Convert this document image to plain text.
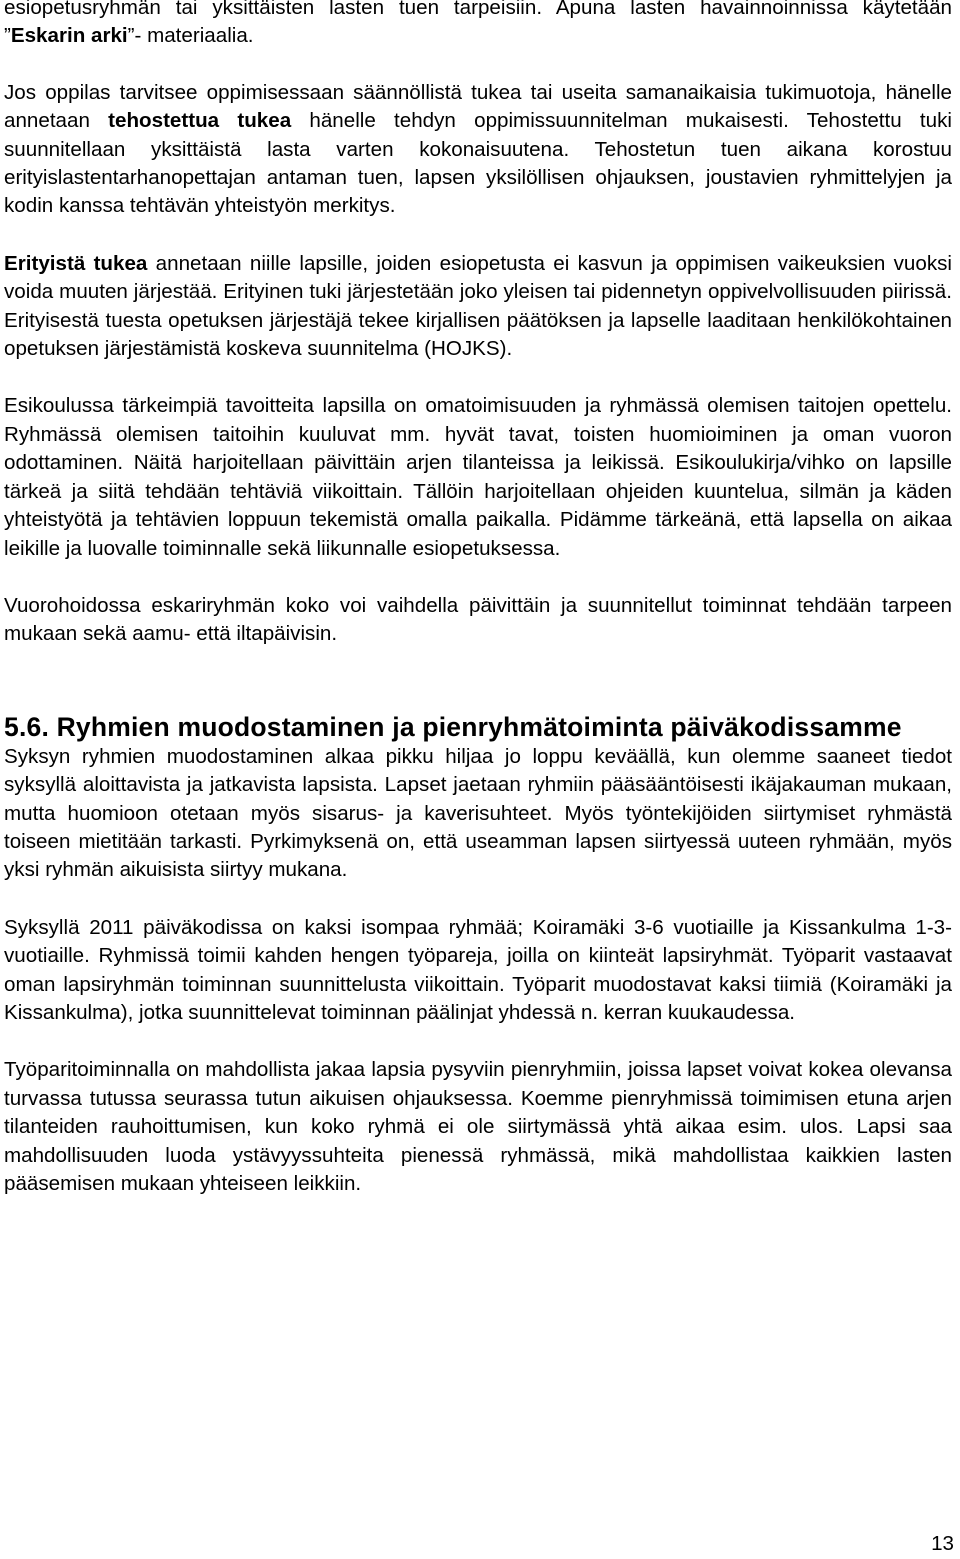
esiopetusryhmän tai yksittäisten lasten tuen tarpeisiin. Apuna lasten havainnoinnissa käytetään ”Eskarin arki”- materiaalia.

Jos oppilas tarvitsee oppimisessaan säännöllistä tukea tai useita samanaikaisia tukimuotoja, hänelle annetaan tehostettua tukea hänelle tehdyn oppimissuunnitelman mukaisesti. Tehostettu tuki suunnitellaan yksittäistä lasta varten kokonaisuutena. Tehostetun tuen aikana korostuu erityislastentarhanopettajan antaman tuen, lapsen yksilöllisen ohjauksen, joustavien ryhmittelyjen ja kodin kanssa tehtävän yhteistyön merkitys.

Erityistä tukea annetaan niille lapsille, joiden esiopetusta ei kasvun ja oppimisen vaikeuksien vuoksi voida muuten järjestää. Erityinen tuki järjestetään joko yleisen tai pidennetyn oppivelvollisuuden piirissä. Erityisestä tuesta opetuksen järjestäjä tekee kirjallisen päätöksen ja lapselle laaditaan henkilökohtainen opetuksen järjestämistä koskeva suunnitelma (HOJKS).

Esikoulussa tärkeimpiä tavoitteita lapsilla on omatoimisuuden ja ryhmässä olemisen taitojen opettelu. Ryhmässä olemisen taitoihin kuuluvat mm. hyvät tavat, toisten huomioiminen ja oman vuoron odottaminen. Näitä harjoitellaan päivittäin arjen tilanteissa ja leikissä. Esikoulukirja/vihko on lapsille tärkeä ja siitä tehdään tehtäviä viikoittain. Tällöin harjoitellaan ohjeiden kuuntelua, silmän ja käden yhteistyötä ja tehtävien loppuun tekemistä omalla paikalla. Pidämme tärkeänä, että lapsella on aikaa leikille ja luovalle toiminnalle sekä liikunnalle esiopetuksessa.

Vuorohoidossa eskariryhmän koko voi vaihdella päivittäin ja suunnitellut toiminnat tehdään tarpeen mukaan sekä aamu- että iltapäivisin.

5.6. Ryhmien muodostaminen ja pienryhmätoiminta päiväkodissamme

Syksyn ryhmien muodostaminen alkaa pikku hiljaa jo loppu keväällä, kun olemme saaneet tiedot syksyllä aloittavista ja jatkavista lapsista. Lapset jaetaan ryhmiin pääsääntöisesti ikäjakauman mukaan, mutta huomioon otetaan myös sisarus- ja kaverisuhteet. Myös työntekijöiden siirtymiset ryhmästä toiseen mietitään tarkasti. Pyrkimyksenä on, että useamman lapsen siirtyessä uuteen ryhmään, myös yksi ryhmän aikuisista siirtyy mukana.

Syksyllä 2011 päiväkodissa on kaksi isompaa ryhmää; Koiramäki 3-6 vuotiaille ja Kissankulma 1-3-vuotiaille. Ryhmissä toimii kahden hengen työpareja, joilla on kiinteät lapsiryhmät. Työparit vastaavat oman lapsiryhmän toiminnan suunnittelusta viikoittain. Työparit muodostavat kaksi tiimiä (Koiramäki ja Kissankulma), jotka suunnittelevat toiminnan päälinjat yhdessä n. kerran kuukaudessa.

Työparitoiminnalla on mahdollista jakaa lapsia pysyviin pienryhmiin, joissa lapset voivat kokea olevansa turvassa tutussa seurassa tutun aikuisen ohjauksessa. Koemme pienryhmissä toimimisen etuna arjen tilanteiden rauhoittumisen, kun koko ryhmä ei ole siirtymässä yhtä aikaa esim. ulos. Lapsi saa mahdollisuuden luoda ystävyyssuhteita pienessä ryhmässä, mikä mahdollistaa kaikkien lasten pääsemisen mukaan yhteiseen leikkiin.

13
